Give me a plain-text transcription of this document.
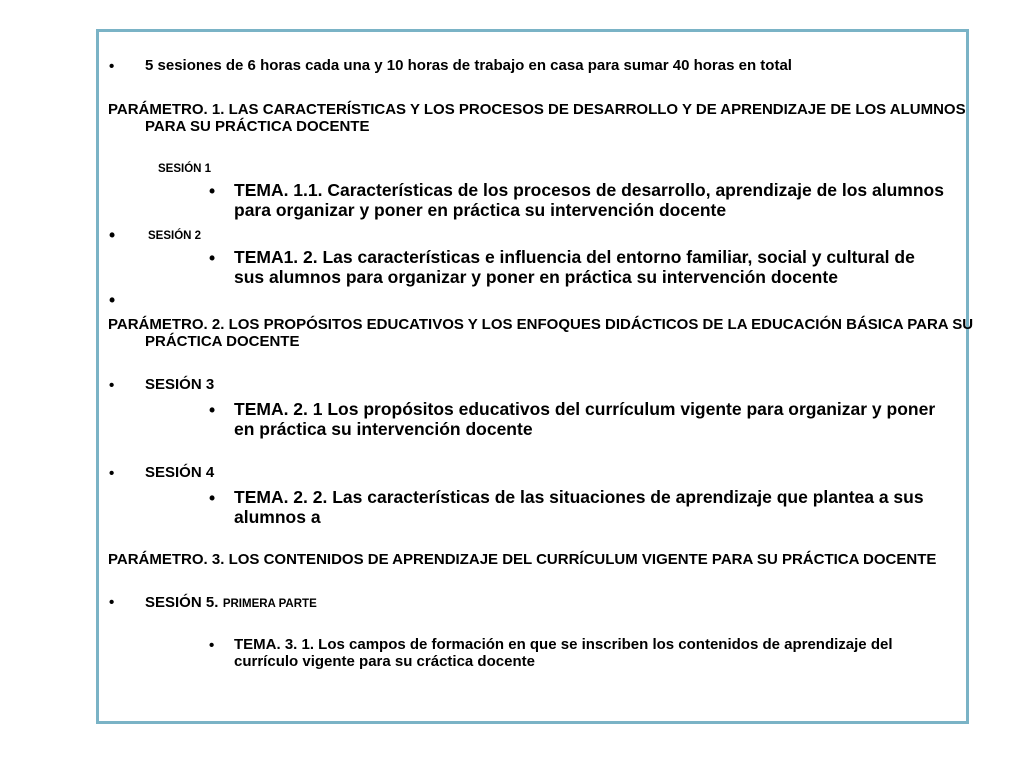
• 5 sesiones de 6 horas cada una y 10 horas de trabajo en casa para sumar 40 horas en total
PARÁMETRO. 1. LAS CARACTERÍSTICAS Y LOS PROCESOS DE DESARROLLO Y DE APRENDIZAJE DE LOS ALUMNOS PARA SU PRÁCTICA DOCENTE
SESIÓN 1
• TEMA. 1.1. Características de los procesos de desarrollo, aprendizaje de los alumnos para organizar y poner en práctica su intervención docente
•	SESIÓN 2
• TEMA1. 2. Las características e influencia del entorno familiar, social y cultural de sus alumnos para organizar y poner en práctica su intervención docente
•
PARÁMETRO. 2. LOS PROPÓSITOS EDUCATIVOS Y LOS ENFOQUES DIDÁCTICOS DE LA EDUCACIÓN BÁSICA PARA SU PRÁCTICA DOCENTE
• SESIÓN 3
• TEMA. 2. 1 Los propósitos educativos del currículum vigente para organizar y poner en práctica su intervención docente
• SESIÓN 4
• TEMA. 2. 2. Las características de las situaciones de aprendizaje que plantea a sus alumnos a
PARÁMETRO. 3. LOS CONTENIDOS DE APRENDIZAJE DEL CURRÍCULUM VIGENTE PARA SU PRÁCTICA DOCENTE
• SESIÓN 5. PRIMERA PARTE
• TEMA. 3. 1. Los campos de formación en que se inscriben los contenidos de aprendizaje del currículo vigente para su cráctica docente
